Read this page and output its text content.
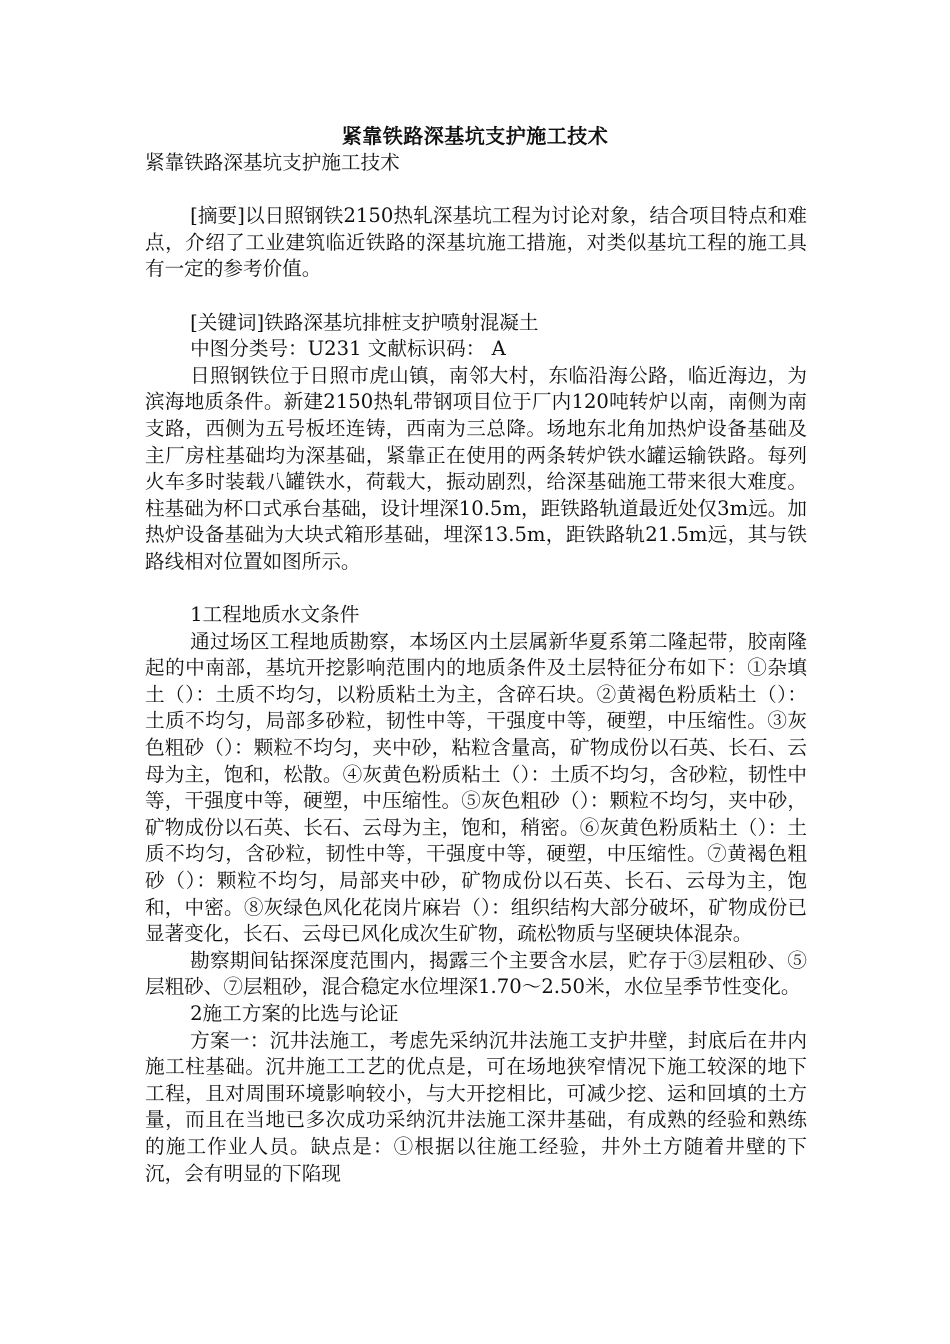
紧靠铁路深基坑支护施工技术

紧靠铁路深基坑支护施工技术

[摘要]以日照钢铁2150热轧深基坑工程为讨论对象，结合项目特点和难点，介绍了工业建筑临近铁路的深基坑施工措施，对类似基坑工程的施工具有一定的参考价值。

[关键词]铁路深基坑排桩支护喷射混凝土

中图分类号：U231 文献标识码： A

日照钢铁位于日照市虎山镇，南邻大村，东临沿海公路，临近海边，为滨海地质条件。新建2150热轧带钢项目位于厂内120吨转炉以南，南侧为南支路，西侧为五号板坯连铸，西南为三总降。场地东北角加热炉设备基础及主厂房柱基础均为深基础，紧靠正在使用的两条转炉铁水罐运输铁路。每列火车多时装载八罐铁水，荷载大，振动剧烈，给深基础施工带来很大难度。柱基础为杯口式承台基础，设计埋深10.5m，距铁路轨道最近处仅3m远。加热炉设备基础为大块式箱形基础，埋深13.5m，距铁路轨21.5m远，其与铁路线相对位置如图所示。

1工程地质水文条件

通过场区工程地质勘察，本场区内土层属新华夏系第二隆起带，胶南隆起的中南部，基坑开挖影响范围内的地质条件及土层特征分布如下：①杂填土（）：土质不均匀，以粉质粘土为主，含碎石块。②黄褐色粉质粘土（）：土质不均匀，局部多砂粒，韧性中等，干强度中等，硬塑，中压缩性。③灰色粗砂（）：颗粒不均匀，夹中砂，粘粒含量高，矿物成份以石英、长石、云母为主，饱和，松散。④灰黄色粉质粘土（）：土质不均匀，含砂粒，韧性中等，干强度中等，硬塑，中压缩性。⑤灰色粗砂（）：颗粒不均匀，夹中砂，矿物成份以石英、长石、云母为主，饱和，稍密。⑥灰黄色粉质粘土（）：土质不均匀，含砂粒，韧性中等，干强度中等，硬塑，中压缩性。⑦黄褐色粗砂（）：颗粒不均匀，局部夹中砂，矿物成份以石英、长石、云母为主，饱和，中密。⑧灰绿色风化花岗片麻岩（）：组织结构大部分破坏，矿物成份已显著变化，长石、云母已风化成次生矿物，疏松物质与坚硬块体混杂。

勘察期间钻探深度范围内，揭露三个主要含水层，贮存于③层粗砂、⑤层粗砂、⑦层粗砂，混合稳定水位埋深1.70～2.50米，水位呈季节性变化。

2施工方案的比选与论证

方案一：沉井法施工，考虑先采纳沉井法施工支护井壁，封底后在井内施工柱基础。沉井施工工艺的优点是，可在场地狭窄情况下施工较深的地下工程，且对周围环境影响较小，与大开挖相比，可减少挖、运和回填的土方量，而且在当地已多次成功采纳沉井法施工深井基础，有成熟的经验和熟练的施工作业人员。缺点是：①根据以往施工经验，井外土方随着井壁的下沉，会有明显的下陷现
